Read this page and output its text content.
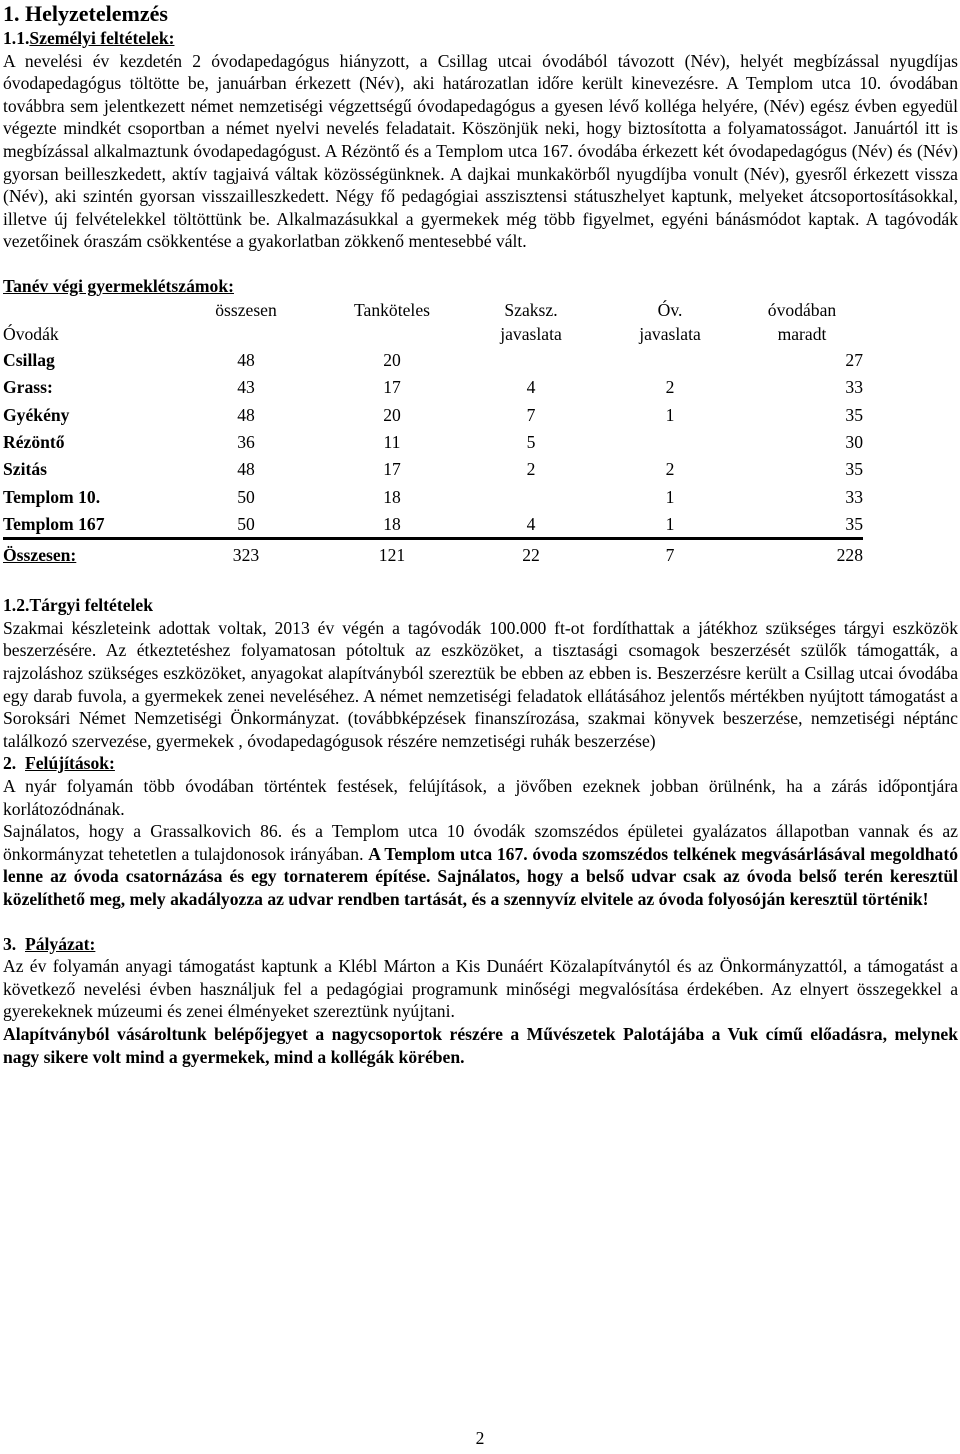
1. Helyzetelemzés
1.1.Személyi feltételek:

A nevelési év kezdetén 2 óvodapedagógus hiányzott, a Csillag utcai óvodából távozott (Név), helyét megbízással nyugdíjas óvodapedagógus töltötte be, januárban érkezett (Név), aki határozatlan időre került kinevezésre. A Templom utca 10. óvodában továbbra sem jelentkezett német nemzetiségi végzettségű óvodapedagógus a gyesen lévő kolléga helyére, (Név) egész évben egyedül végezte mindkét csoportban a német nyelvi nevelés feladatait. Köszönjük neki, hogy biztosította a folyamatosságot. Januártól itt is megbízással alkalmaztunk óvodapedagógust. A Rézöntő és a Templom utca 167. óvodába érkezett két óvodapedagógus (Név) és (Név) gyorsan beilleszkedett, aktív tagjaivá váltak közösségünknek. A dajkai munkakörből nyugdíjba vonult (Név), gyesről érkezett vissza (Név), aki szintén gyorsan visszailleszkedett. Négy fő pedagógiai asszisztensi státuszhelyet kaptunk, melyeket átcsoportosításokkal, illetve új felvételekkel töltöttünk be. Alkalmazásukkal a gyermekek még több figyelmet, egyéni bánásmódot kaptak. A tagóvodák vezetőinek óraszám csökkentése a gyakorlatban zökkenő mentesebbé vált.

Tanév végi gyermeklétszámok:
	összesen	Tanköteles	Szaksz.	Óv.	óvodában
Óvodák			javaslata	javaslata	maradt
Csillag	48	20			27
Grass:	43	17	4	2	33
Gyékény	48	20	7	1	35
Rézöntő	36	11	5		30
Szitás	48	17	2	2	35
Templom 10.	50	18		1	33
Templom 167	50	18	4	1	35
Összesen:	323	121	22	7	228
1.2.Tárgyi feltételek

Szakmai készleteink adottak voltak, 2013 év végén a tagóvodák 100.000 ft-ot fordíthattak a játékhoz szükséges tárgyi eszközök beszerzésére. Az étkeztetéshez folyamatosan pótoltuk az eszközöket, a tisztasági csomagok beszerzését szülők támogatták, a rajzoláshoz szükséges eszközöket, anyagokat alapítványból szereztük be ebben az ebben is. Beszerzésre került a Csillag utcai óvodába egy darab fuvola, a gyermekek zenei neveléséhez. A német nemzetiségi feladatok ellátásához jelentős mértékben nyújtott támogatást a Soroksári Német Nemzetiségi Önkormányzat. (továbbképzések finanszírozása, szakmai könyvek beszerzése, nemzetiségi néptánc találkozó szervezése, gyermekek , óvodapedagógusok részére nemzetiségi ruhák beszerzése)

2. Felújítások:

A nyár folyamán több óvodában történtek festések, felújítások, a jövőben ezeknek jobban örülnénk, ha a zárás időpontjára korlátozódnának.

Sajnálatos, hogy a Grassalkovich 86. és a Templom utca 10 óvodák szomszédos épületei gyalázatos állapotban vannak és az önkormányzat tehetetlen a tulajdonosok irányában. A Templom utca 167. óvoda szomszédos telkének megvásárlásával megoldható lenne az óvoda csatornázása és egy tornaterem építése. Sajnálatos, hogy a belső udvar csak az óvoda belső terén keresztül közelíthető meg, mely akadályozza az udvar rendben tartását, és a szennyvíz elvitele az óvoda folyosóján keresztül történik!

3. Pályázat:

Az év folyamán anyagi támogatást kaptunk a Klébl Márton a Kis Dunáért Közalapítványtól és az Önkormányzattól, a támogatást a következő nevelési évben használjuk fel a pedagógiai programunk minőségi megvalósítása érdekében. Az elnyert összegekkel a gyerekeknek múzeumi és zenei élményeket szereztünk nyújtani.

Alapítványból vásároltunk belépőjegyet a nagycsoportok részére a Művészetek Palotájába a Vuk című előadásra, melynek nagy sikere volt mind a gyermekek, mind a kollégák körében.

2
